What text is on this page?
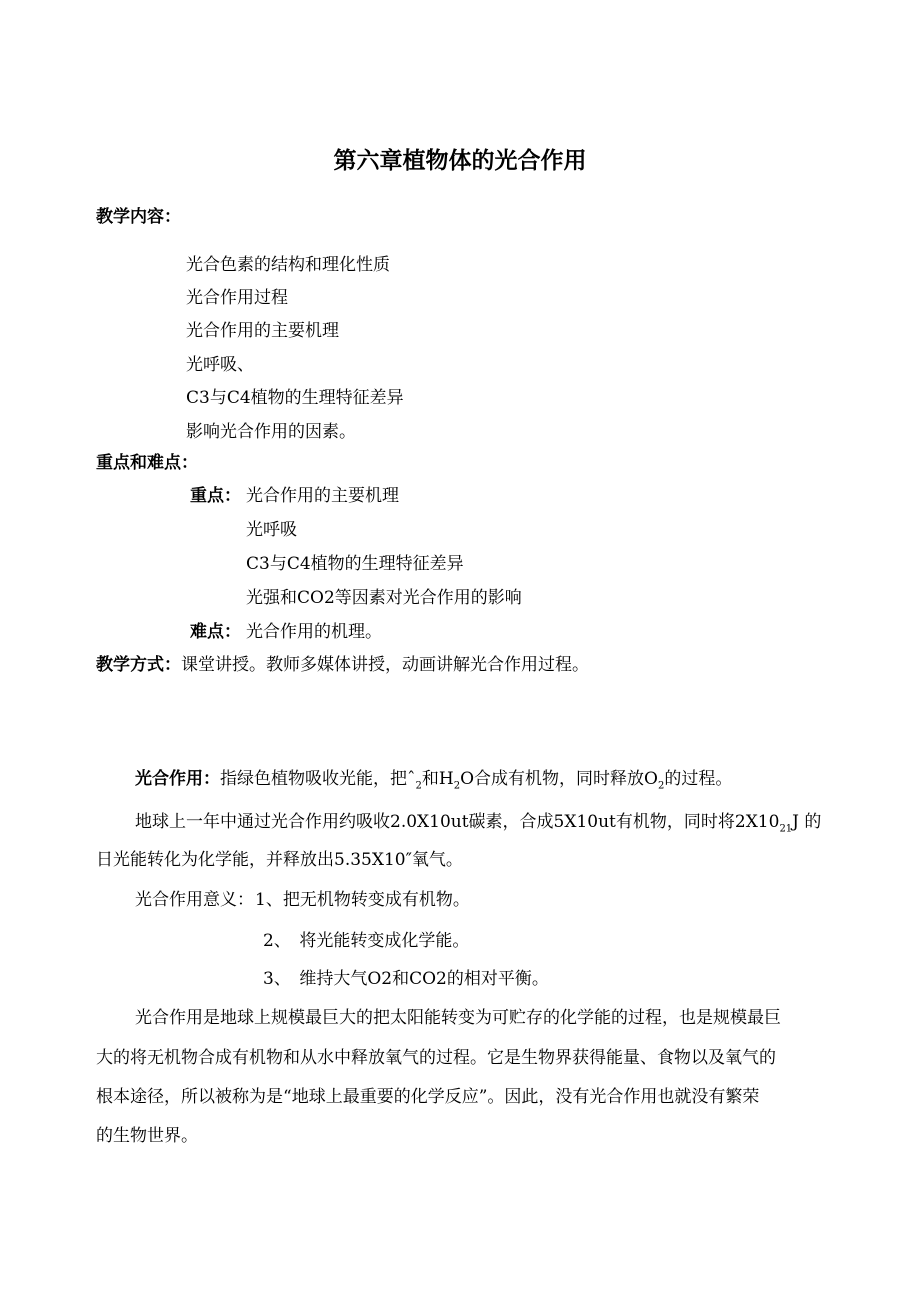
第六章植物体的光合作用
教学内容：
光合色素的结构和理化性质
光合作用过程
光合作用的主要机理
光呼吸、
C3与C4植物的生理特征差异
影响光合作用的因素。
重点和难点：
重点： 光合作用的主要机理
光呼吸
C3与C4植物的生理特征差异
光强和CO2等因素对光合作用的影响
难点： 光合作用的机理。
教学方式：课堂讲授。教师多媒体讲授，动画讲解光合作用过程。
光合作用：指绿色植物吸收光能，把ˆ$_2$和$H_2O$合成有机物，同时释放$O_2$的过程。
地球上一年中通过光合作用约吸收2.0X10ut碳素，合成5X10ut有机物，同时将$2X10_{21}J$ 的
日光能转化为化学能，并释放出5.35X10″氧气。
光合作用意义： 1、把无机物转变成有机物。
2、　将光能转变成化学能。
3、　维持大气O2和CO2的相对平衡。
光合作用是地球上规模最巨大的把太阳能转变为可贮存的化学能的过程，也是规模最巨
大的将无机物合成有机物和从水中释放氧气的过程。它是生物界获得能量、食物以及氧气的
根本途径，所以被称为是“地球上最重要的化学反应”。因此，没有光合作用也就没有繁荣
的生物世界。
